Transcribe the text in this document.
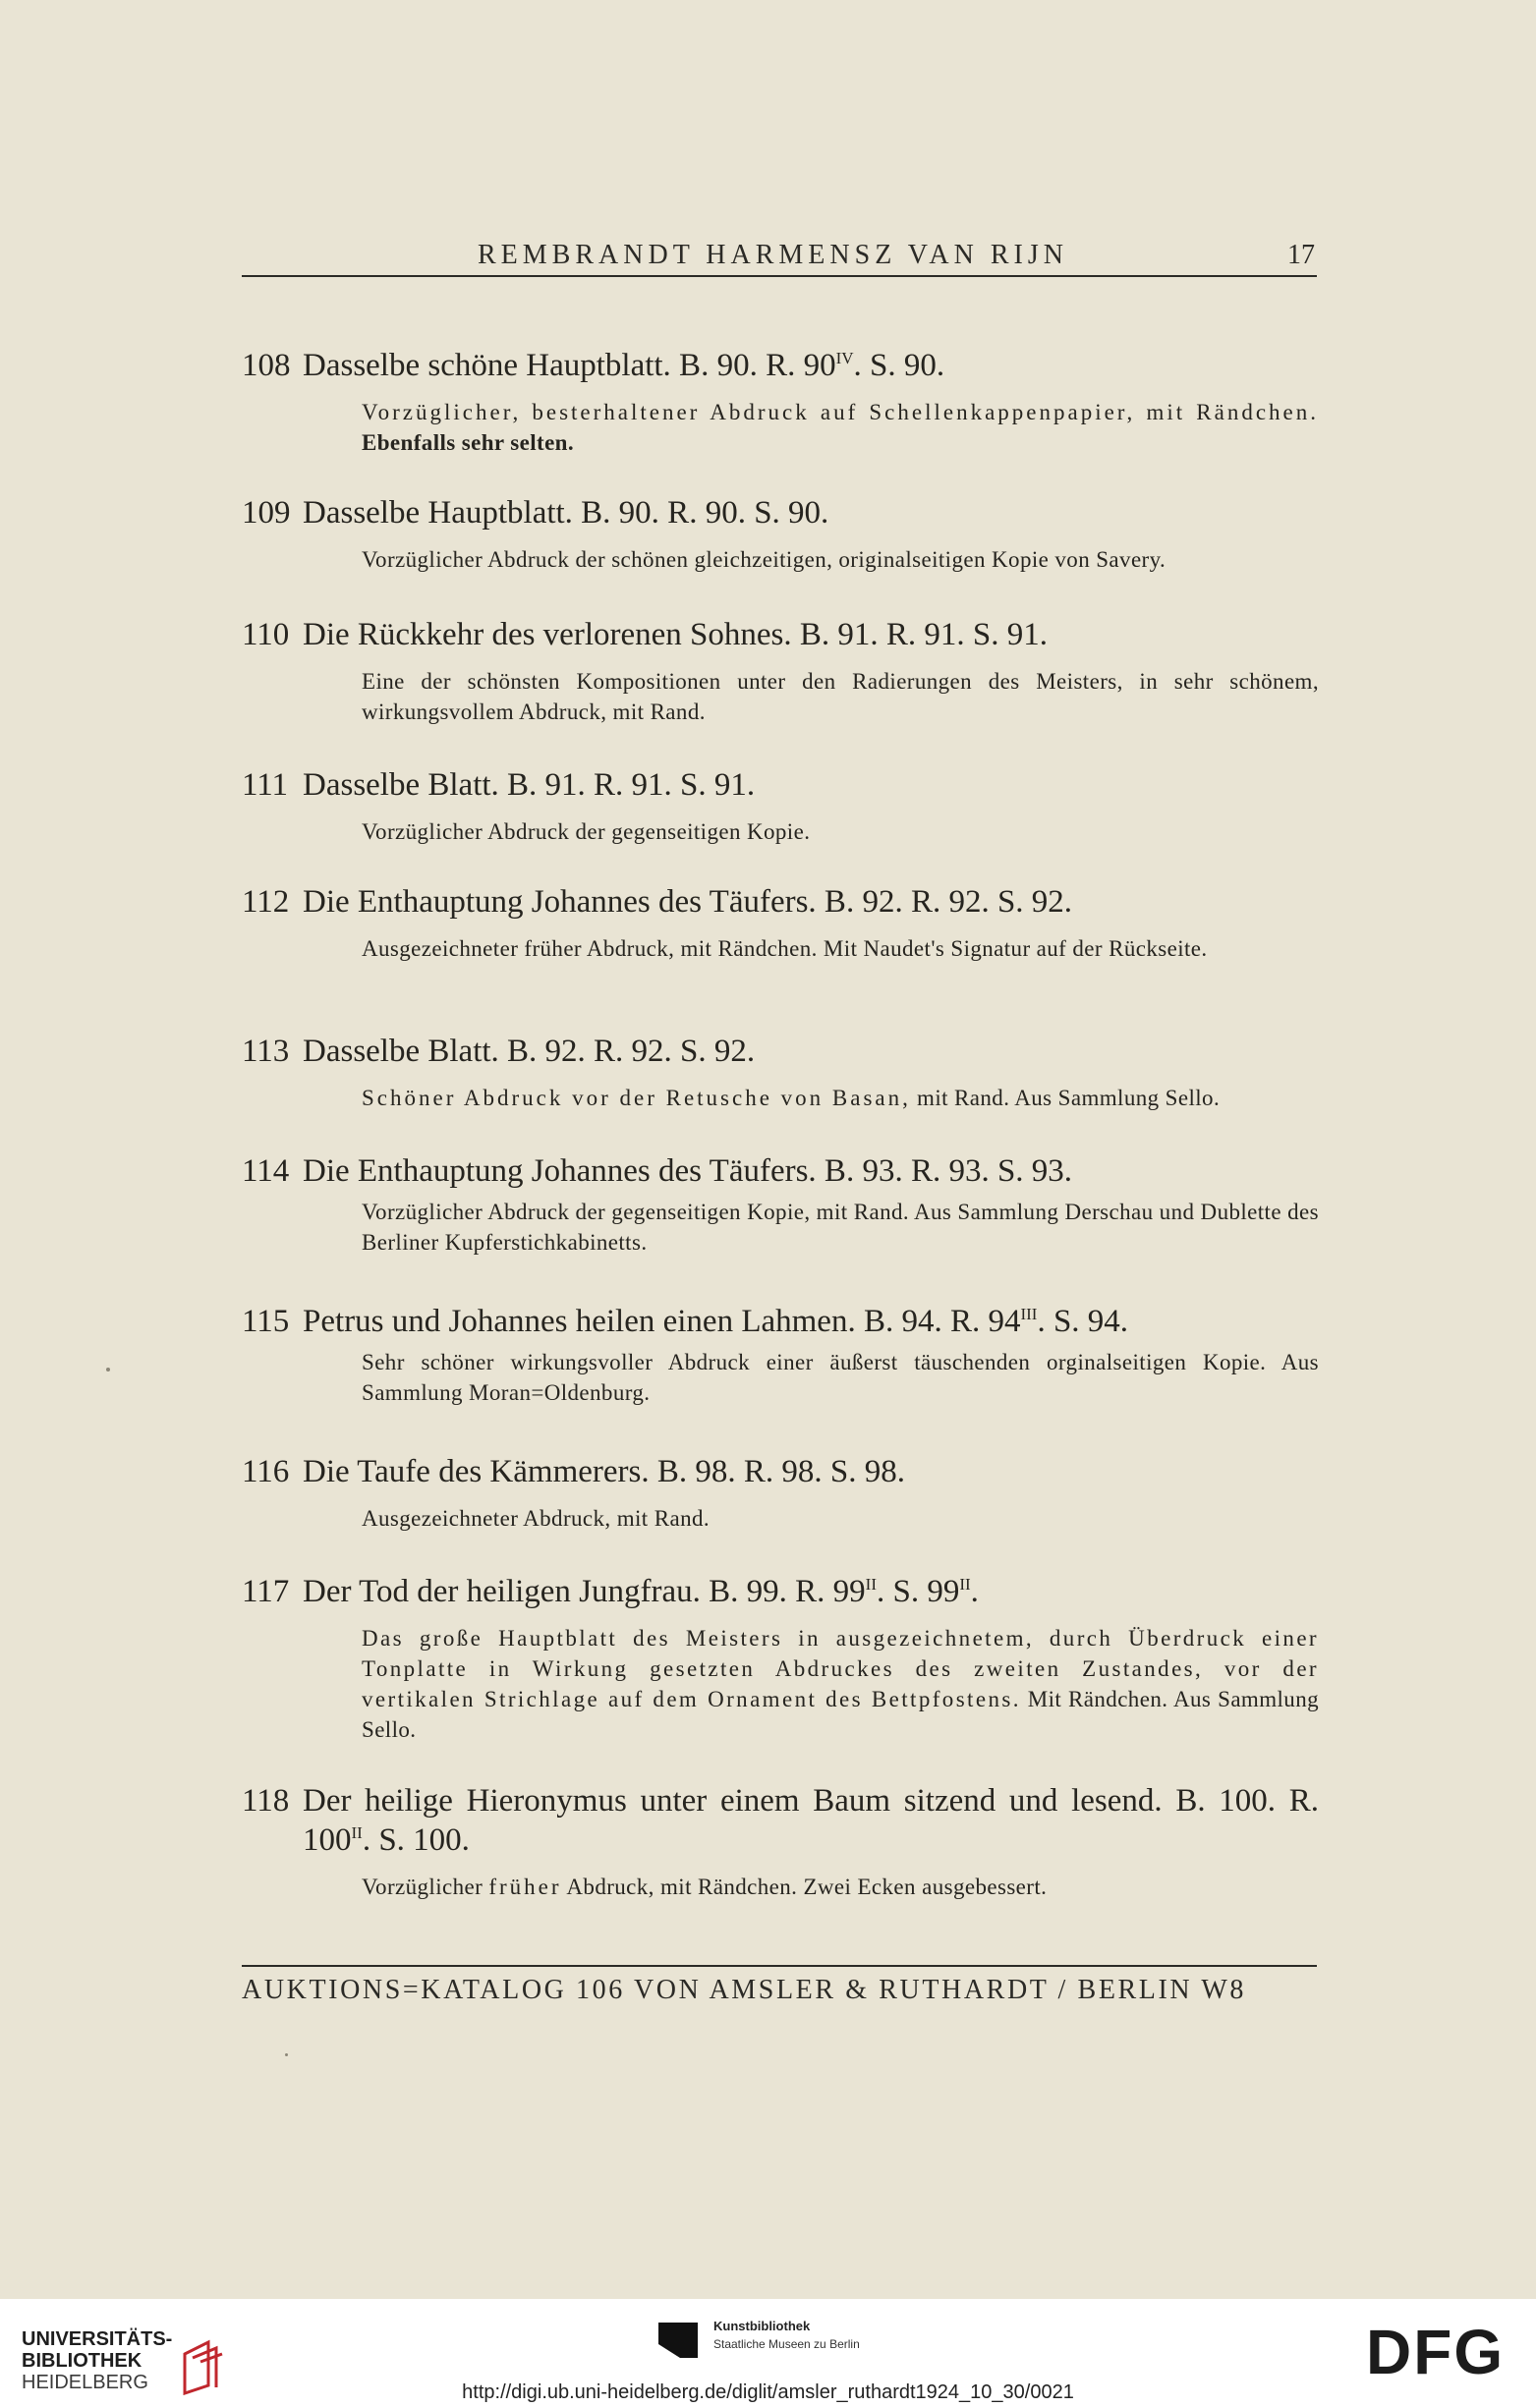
REMBRANDT HARMENSZ VAN RIJN	17
108 Dasselbe schöne Hauptblatt. B. 90. R. $90^{IV}$. S. 90.
Vorzüglicher, besterhaltener Abdruck auf Schellenkappenpapier, mit Rändchen. Ebenfalls sehr selten.
109 Dasselbe Hauptblatt. B. 90. R. 90. S. 90.
Vorzüglicher Abdruck der schönen gleichzeitigen, originalseitigen Kopie von Savery.
110 Die Rückkehr des verlorenen Sohnes. B. 91. R. 91. S. 91.
Eine der schönsten Kompositionen unter den Radierungen des Meisters, in sehr schönem, wirkungsvollem Abdruck, mit Rand.
111 Dasselbe Blatt. B. 91. R. 91. S. 91.
Vorzüglicher Abdruck der gegenseitigen Kopie.
112 Die Enthauptung Johannes des Täufers. B. 92. R. 92. S. 92.
Ausgezeichneter früher Abdruck, mit Rändchen. Mit Naudet's Signatur auf der Rückseite.
113 Dasselbe Blatt. B. 92. R. 92. S. 92.
Schöner Abdruck vor der Retusche von Basan, mit Rand. Aus Sammlung Sello.
114 Die Enthauptung Johannes des Täufers. B. 93. R. 93. S. 93.
Vorzüglicher Abdruck der gegenseitigen Kopie, mit Rand. Aus Sammlung Derschau und Dublette des Berliner Kupferstichkabinetts.
115 Petrus und Johannes heilen einen Lahmen. B. 94. R. $94^{III}$. S. 94.
Sehr schöner wirkungsvoller Abdruck einer äußerst täuschenden orginalseitigen Kopie. Aus Sammlung Moran=Oldenburg.
116 Die Taufe des Kämmerers. B. 98. R. 98. S. 98.
Ausgezeichneter Abdruck, mit Rand.
117 Der Tod der heiligen Jungfrau. B. 99. R. $99^{II}$. S. $99^{II}$.
Das große Hauptblatt des Meisters in ausgezeichnetem, durch Überdruck einer Tonplatte in Wirkung gesetzten Abdruckes des zweiten Zustandes, vor der vertikalen Strichlage auf dem Ornament des Bettpfostens. Mit Rändchen. Aus Sammlung Sello.
118 Der heilige Hieronymus unter einem Baum sitzend und lesend. B. 100. R. $100^{II}$. S. 100.
Vorzüglicher früher Abdruck, mit Rändchen. Zwei Ecken ausgebessert.
AUKTIONS=KATALOG 106 VON AMSLER & RUTHARDT / BERLIN W8
UNIVERSITÄTS-
BIBLIOTHEK
HEIDELBERG
Kunstbibliothek
Staatliche Museen zu Berlin	DFG
http://digi.ub.uni-heidelberg.de/diglit/amsler_ruthardt1924_10_30/0021
